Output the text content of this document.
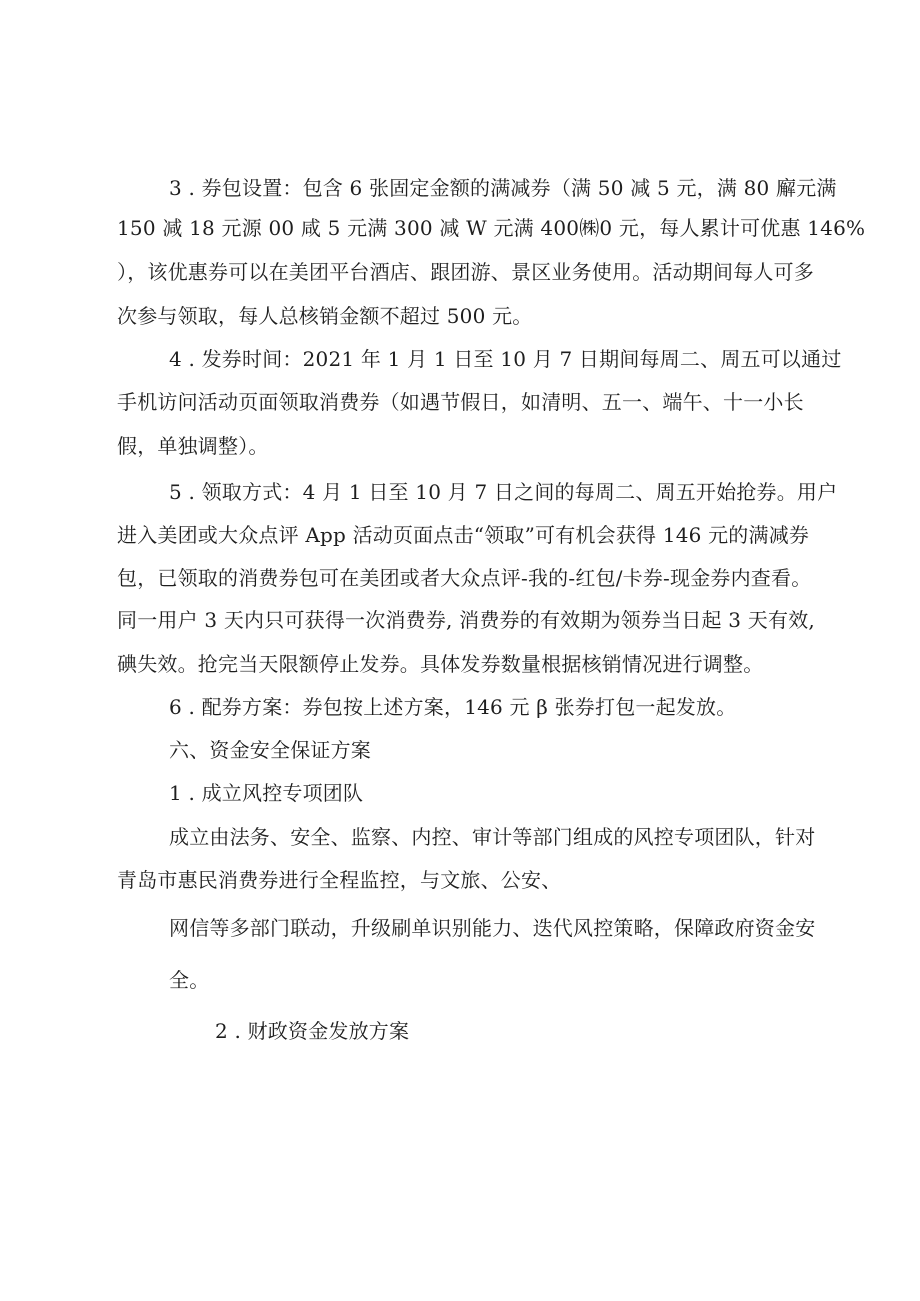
3 . 券包设置：包含 6 张固定金额的满减券（满 50 减 5 元，满 80 廨元满
150 减 18 元源 00 咸 5 元满 300 减 W 元满 400㈱0 元，每人累计可优惠 146%
），该优惠券可以在美团平台酒店、跟团游、景区业务使用。活动期间每人可多
次参与领取，每人总核销金额不超过 500 元。
4 . 发券时间：2021 年 1 月 1 日至 10 月 7 日期间每周二、周五可以通过
手机访问活动页面领取消费券（如遇节假日，如清明、五一、端午、十一小长
假，单独调整）。
5 . 领取方式：4 月 1 日至 10 月 7 日之间的每周二、周五开始抢券。用户
进入美团或大众点评 App 活动页面点击“领取”可有机会获得 146 元的满减券
包，已领取的消费券包可在美团或者大众点评-我的-红包/卡券-现金券内查看。
同一用户 3 天内只可获得一次消费券, 消费券的有效期为领券当日起 3 天有效,
碘失效。抢完当天限额停止发券。具体发券数量根据核销情况进行调整。
6 . 配券方案：券包按上述方案，146 元 β 张券打包一起发放。
六、资金安全保证方案
1 . 成立风控专项团队
成立由法务、安全、监察、内控、审计等部门组成的风控专项团队，针对
青岛市惠民消费券进行全程监控，与文旅、公安、
网信等多部门联动，升级刷单识别能力、迭代风控策略，保障政府资金安
全。
2 . 财政资金发放方案
